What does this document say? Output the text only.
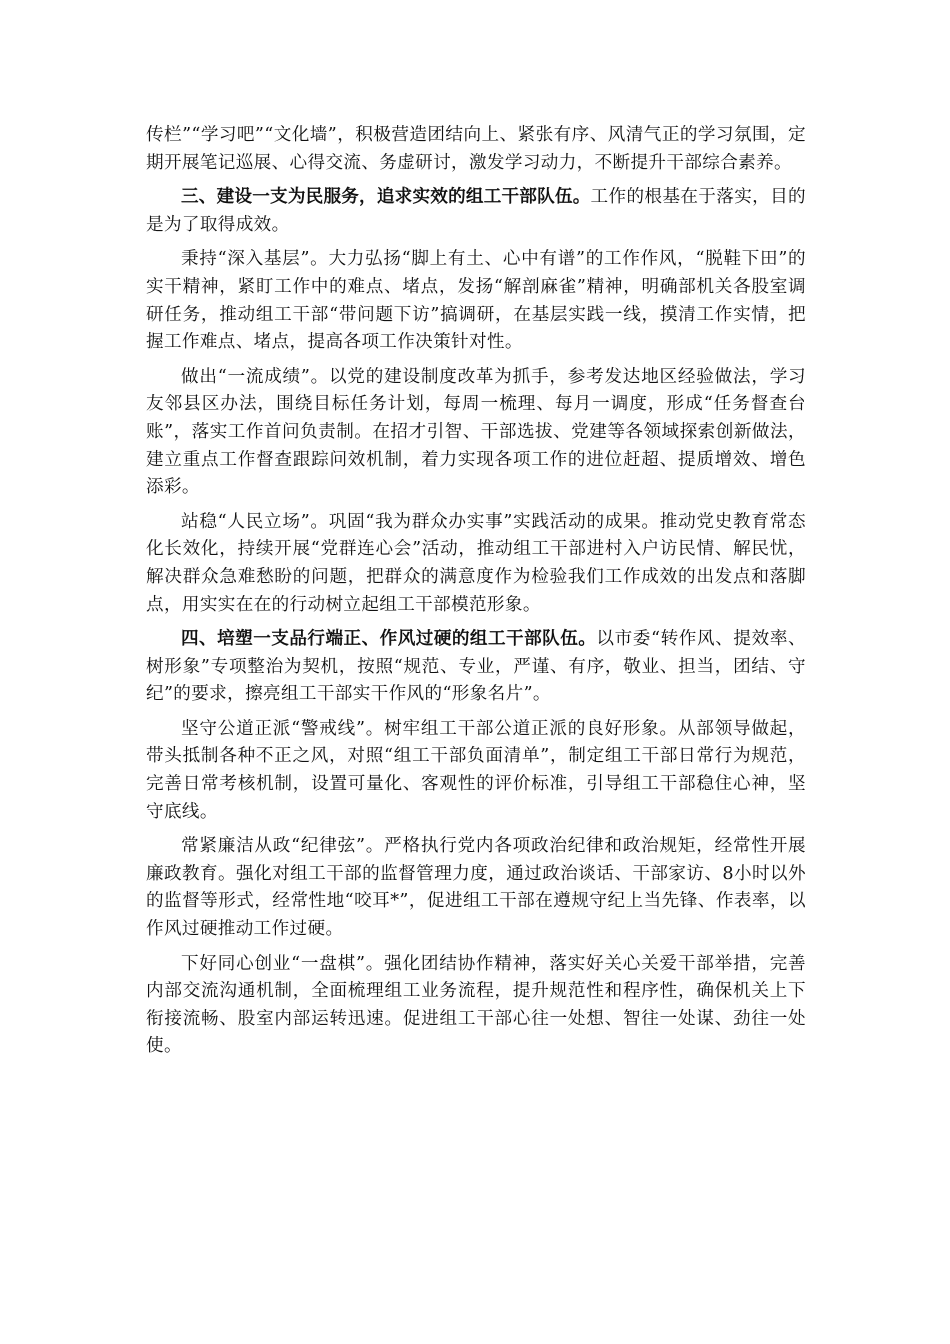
传栏”“学习吧”“文化墙”，积极营造团结向上、紧张有序、风清气正的学习氛围，定期开展笔记巡展、心得交流、务虚研讨，激发学习动力，不断提升干部综合素养。

三、建设一支为民服务，追求实效的组工干部队伍。工作的根基在于落实，目的是为了取得成效。

秉持“深入基层”。大力弘扬“脚上有土、心中有谱”的工作作风，“脱鞋下田”的实干精神，紧盯工作中的难点、堵点，发扬“解剖麻雀”精神，明确部机关各股室调研任务，推动组工干部“带问题下访”搞调研，在基层实践一线，摸清工作实情，把握工作难点、堵点，提高各项工作决策针对性。

做出“一流成绩”。以党的建设制度改革为抓手，参考发达地区经验做法，学习友邻县区办法，围绕目标任务计划，每周一梳理、每月一调度，形成“任务督查台账”，落实工作首问负责制。在招才引智、干部选拔、党建等各领域探索创新做法，建立重点工作督查跟踪问效机制，着力实现各项工作的进位赶超、提质增效、增色添彩。

站稳“人民立场”。巩固“我为群众办实事”实践活动的成果。推动党史教育常态化长效化，持续开展“党群连心会”活动，推动组工干部进村入户访民情、解民忧，解决群众急难愁盼的问题，把群众的满意度作为检验我们工作成效的出发点和落脚点，用实实在在的行动树立起组工干部模范形象。

四、培塑一支品行端正、作风过硬的组工干部队伍。以市委“转作风、提效率、树形象”专项整治为契机，按照“规范、专业，严谨、有序，敬业、担当，团结、守纪”的要求，擦亮组工干部实干作风的“形象名片”。

坚守公道正派“警戒线”。树牢组工干部公道正派的良好形象。从部领导做起，带头抵制各种不正之风，对照“组工干部负面清单”，制定组工干部日常行为规范，完善日常考核机制，设置可量化、客观性的评价标准，引导组工干部稳住心神，坚守底线。

常紧廉洁从政“纪律弦”。严格执行党内各项政治纪律和政治规矩，经常性开展廉政教育。强化对组工干部的监督管理力度，通过政治谈话、干部家访、8小时以外的监督等形式，经常性地“咬耳*”，促进组工干部在遵规守纪上当先锋、作表率，以作风过硬推动工作过硬。

下好同心创业“一盘棋”。强化团结协作精神，落实好关心关爱干部举措，完善内部交流沟通机制，全面梳理组工业务流程，提升规范性和程序性，确保机关上下衔接流畅、股室内部运转迅速。促进组工干部心往一处想、智往一处谋、劲往一处使。
